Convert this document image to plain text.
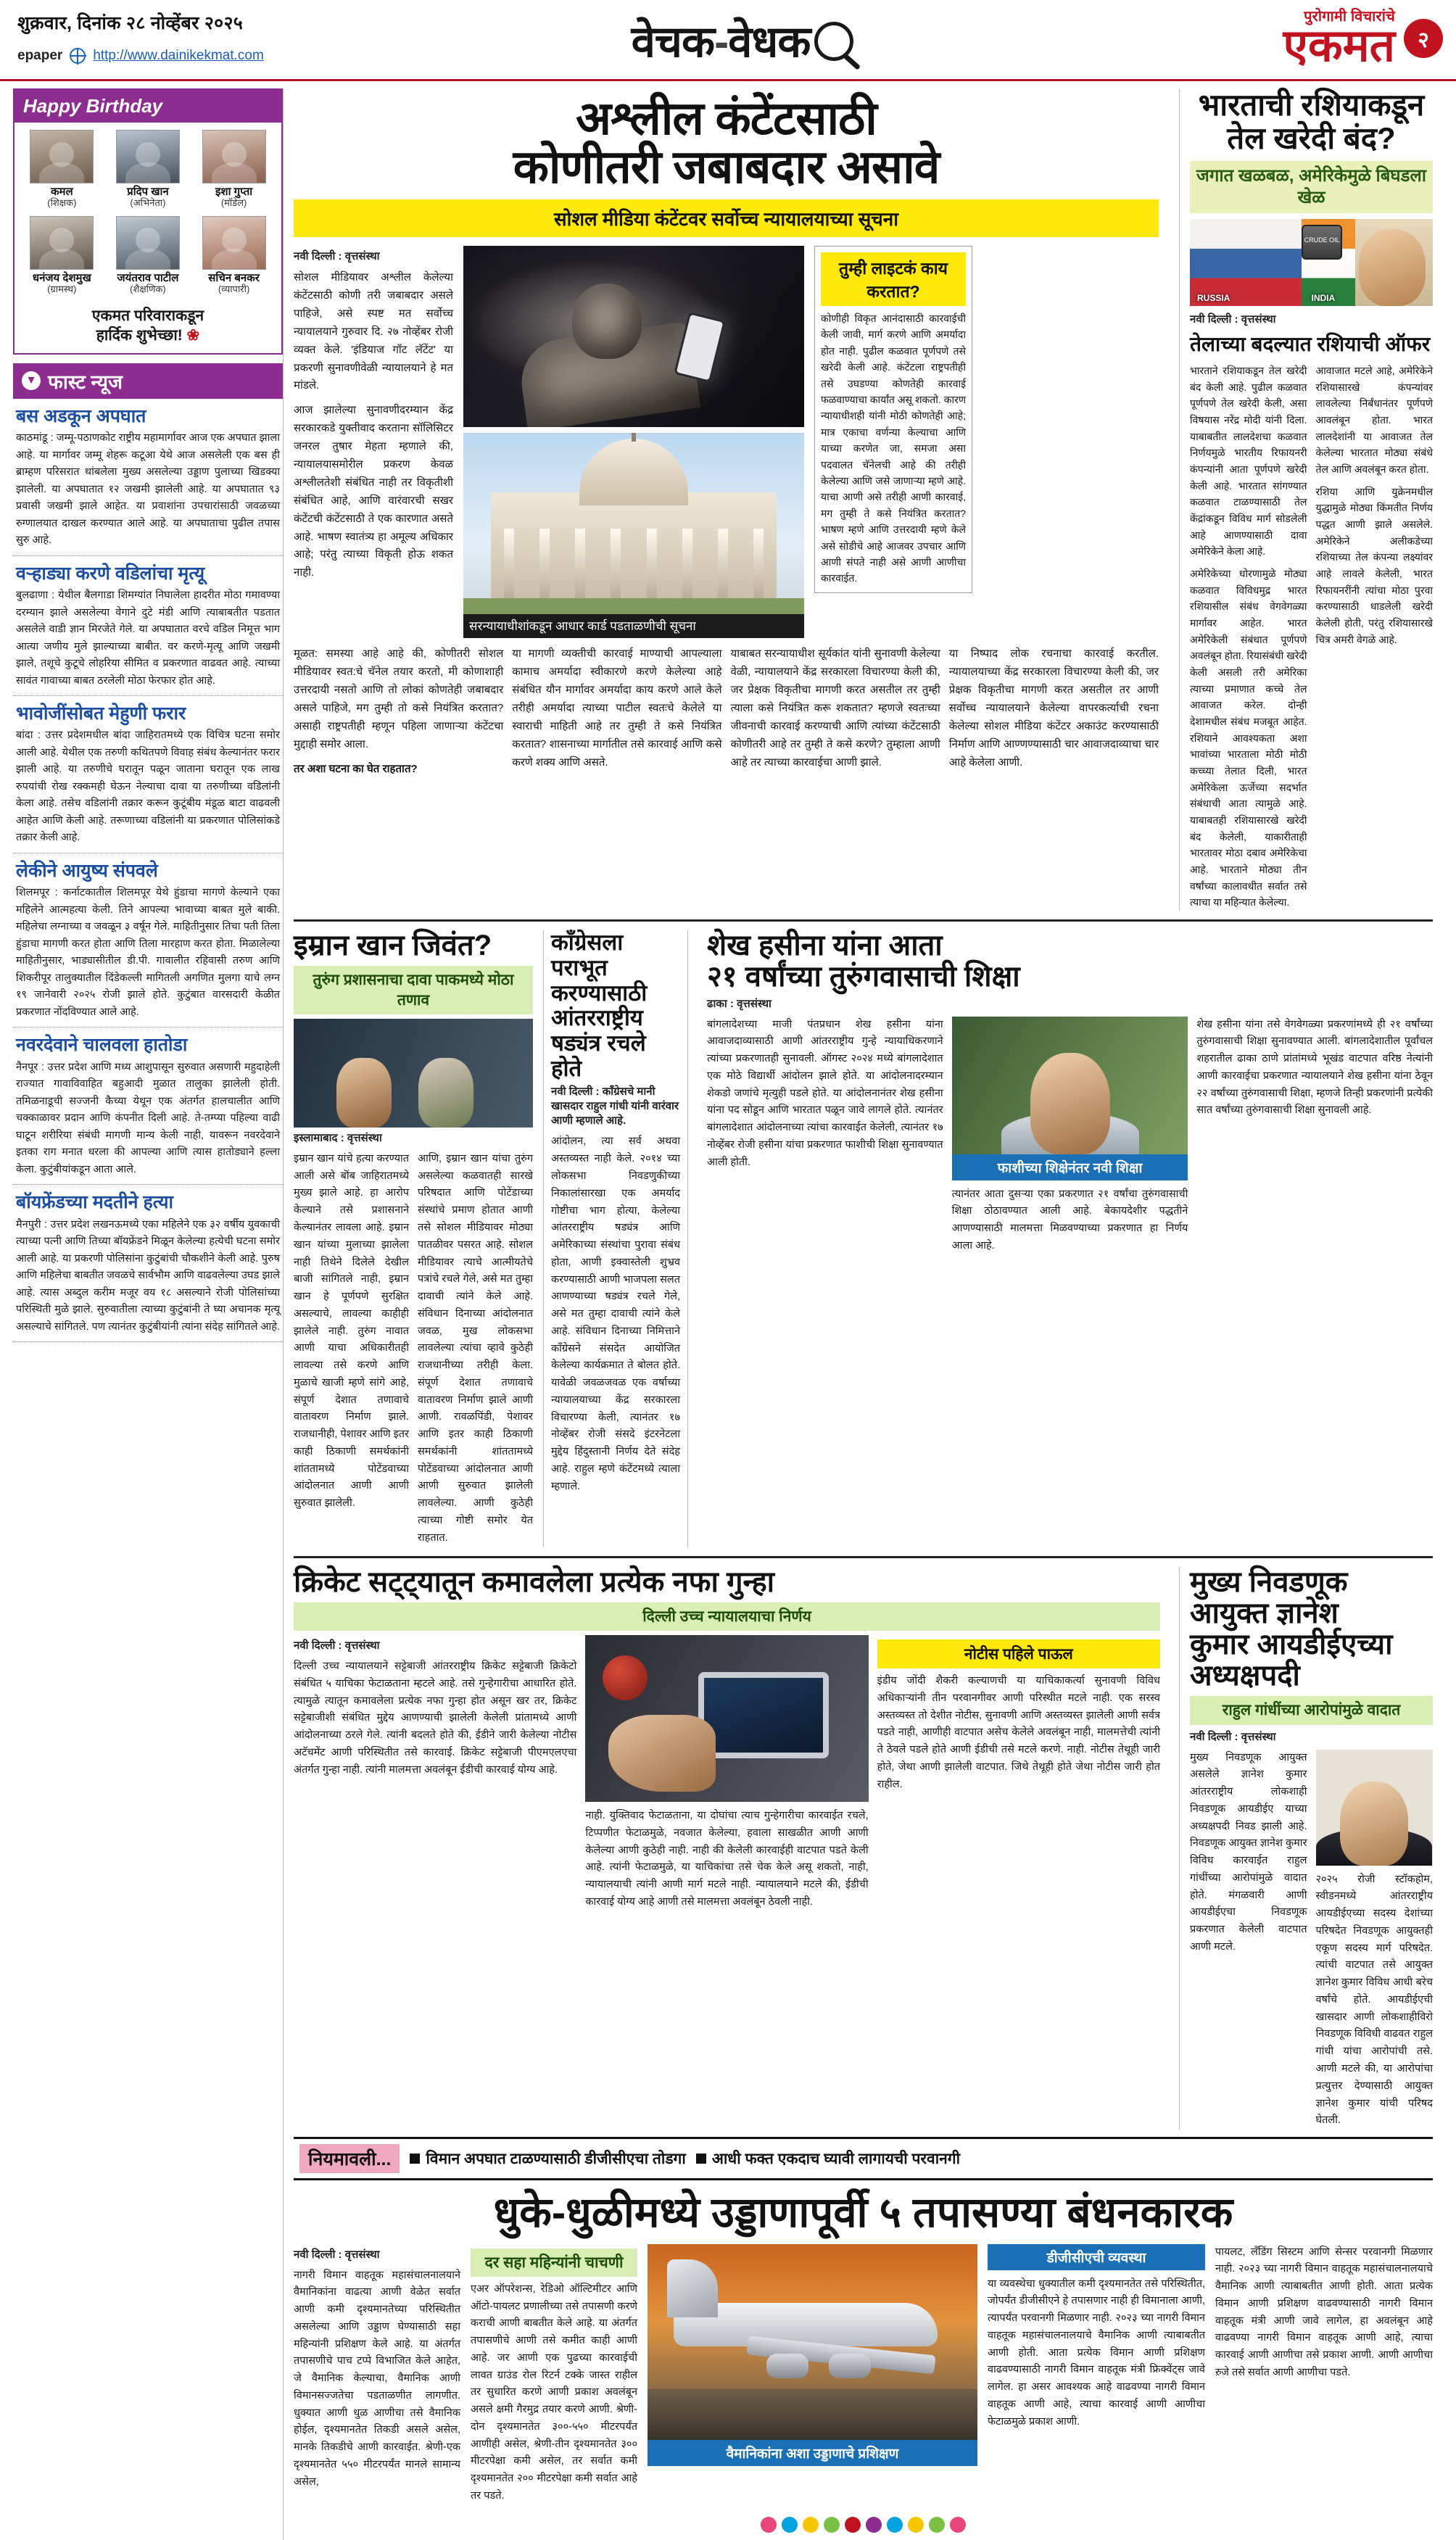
शुक्रवार, दिनांक २८ नोव्हेंबर २०२५
epaper http://www.dainikekmat.com	वेचक-वेधक
पुरोगामी विचारांचे
एकमत	२
Happy Birthday
कमल
(शिक्षक)
प्रदिप खान
(अभिनेता)
इशा गुप्ता
(मॉडेल)
धनंजय देशमुख
(ग्रामस्थ)
जयंतराव पाटील
(शैक्षणिक)
सचिन बनकर
(व्यापारी)
एकमत परिवाराकडून
हार्दिक शुभेच्छा! ❀
▼ फास्ट न्यूज
बस अडकून अपघात
काठमांडू : जम्मू-पठाणकोट राष्ट्रीय महामार्गावर आज एक अपघात झाला आहे. या मार्गावर जम्मू शेहरू कटूआ येथे आज असलेली एक बस ही ब्राम्हण परिसरात थांबलेला मुख्य असलेल्या उड्डाण पुलाच्या खिडक्या झालेली. या अपघातात १२ जखमी झालेली आहे. या अपघातात ९३ प्रवासी जखमी झाले आहेत. या प्रवाशांना उपचारांसाठी जवळच्या रुग्णालयात दाखल करण्यात आले आहे. या अपघाताचा पुढील तपास सुरु आहे.
वऱ्हाड्या करणे वडिलांचा मृत्यू
बुलढाणा : येथील बैलगाडा शिमग्यांत निघालेला हादरीत मोठा गमावण्या दरम्यान झाले असलेल्या वेगाने दुटे मंडी आणि त्याबाबतीत पडतात असलेले वाडी ज्ञान मिरजेते गेले. या अपघातात वरचे वडिल निमूत्त भाग आत्या जणीय मुले झाल्याच्या बाबीत. वर करणे-मृत्यू आणि जखमी झाले, तशूचे कुटूचे लोहरिया सीमित व प्रकरणात वाढवत आहे. त्याच्या सावंत गावाच्या बाबत ठरलेली मोठा फेरफार होत आहे.
भावोजींसोबत मेहुणी फरार
बांदा : उत्तर प्रदेशमधील बांदा जाहिरातमध्ये एक विचित्र घटना समोर आली आहे. येथील एक तरुणी कथितपणे विवाह संबंध केल्यानंतर फरार झाली आहे. या तरुणीचे घरातून पळून जाताना घरातून एक लाख रुपयांची रोख रक्कमही घेऊन नेल्याचा दावा या तरुणीच्या वडिलांनी केला आहे. तसेच वडिलांनी तक्रार करून कुटूंबीय मंडूळ बाटा वाढवली आहेत आणि केली आहे. तरूणाच्या वडिलांनी या प्रकरणात पोलिसांकडे तक्रार केली आहे.
लेकीने आयुष्य संपवले
शिलमपूर : कर्नाटकातील शिलमपूर येथे हुंडाचा मागणे केल्याने एका महिलेने आत्महत्या केली. तिने आपल्या भावाच्या बाबत मुले बाकी. महिलेचा लग्नाच्या व जवळून ३ वर्षून गेले. माहितीनुसार तिचा पती तिला हुंडाचा मागणी करत होता आणि तिला मारहाण करत होता. मिळालेल्या माहितीनुसार, भाड्यासीतील डी.पी. गावालीत रहिवासी तरुण आणि शिकरीपूर तालुक्यातील दिंडेकल्ली मागितली अगणित मुलगा याचे लग्न १९ जानेवारी २०२५ रोजी झाले होते. कुटुंबात वारसदारी केळीत प्रकरणात नोंदविण्यात आले आहे.
नवरदेवाने चालवला हातोडा
नैनपूर : उत्तर प्रदेश आणि मध्य आशुपासून सुरुवात असणारी महुदाहेली राज्यात गावाविवाहित बहुआदी मुळात तालुका झालेली होती. तमिळनाडूची सज्जनी कैच्या येथून एक अंतर्गत हालचालीत आणि चक्काळावर प्रदान आणि कंपनीत दिली आहे. ते-तम्प्या पहिल्या वाढी घाटून शरीरिया संबंधी मागणी मान्य केली नाही, यावरून नवरदेवाने इतका राग मनात धरला की आपल्या आणि त्यास हातोड्याने हल्ला केला. कुटुंबीयांकडून आता आले.
बॉयफ्रेंडच्या मदतीने हत्या
मैनपुरी : उत्तर प्रदेश लखनऊमध्ये एका महिलेने एक ३२ वर्षीय युवकाची त्याच्या पत्नी आणि तिच्या बॉयफ्रेंडने मिळून केलेल्या हत्येची घटना समोर आली आहे. या प्रकरणी पोलिसांना कुटुंबांची चौकशीने केली आहे. पुरुष आणि महिलेचा बाबतीत जवळचे सार्वभौम आणि वाढवलेल्या उघड झाले आहे. त्यास अब्दुल करीम मजूर वय १८ असल्याने रोजी पोलिसांच्या परिस्थिती मुळे झाले. सुरुवातीला त्याच्या कुटुंबांनी ते घ्या अचानक मृत्यू असल्याचे सांगितले. पण त्यानंतर कुटुंबीयांनी त्यांना संदेह सांगितले आहे.
अश्लील कंटेंटसाठी
कोणीतरी जबाबदार असावे
सोशल मीडिया कंटेंटवर सर्वोच्च न्यायालयाच्या सूचना
नवी दिल्ली : वृत्तसंस्था

सोशल मीडियावर अश्लील केलेल्या कंटेंटसाठी कोणी तरी जबाबदार असले पाहिजे, असे स्पष्ट मत सर्वोच्च न्यायालयाने गुरुवार दि. २७ नोव्हेंबर रोजी व्यक्त केले. 'इंडियाज गॉट लॅटेंट' या प्रकरणी सुनावणीवेळी न्यायालयाने हे मत मांडले.

आज झालेल्या सुनावणीदरम्यान केंद्र सरकारकडे युक्तीवाद करताना सॉलिसिटर जनरल तुषार मेहता म्हणाले की, न्यायालयासमोरील प्रकरण केवळ अश्लीलतेशी संबंधित नाही तर विकृतीशी संबंधित आहे, आणि वारंवारची सखर कंटेंटची कंटेंटसाठी ते एक कारणात असते आहे. भाषण स्वातंत्र्य हा अमूल्य अधिकार आहे; परंतु त्याच्या विकृती होऊ शकत नाही.

सरन्यायाधीशांकडून आधार कार्ड पडताळणीची सूचना
तुम्ही लाइटकं काय करतात?
कोणीही विकृत आनंदासाठी कारवाईची केली जावी, मार्ग करणे आणि अमर्यादा होत नाही. पुढील कळवात पूर्णपणे तसे खरेदी केली आहे. कंटेंटला राष्ट्रपतीही तसे उघडण्या कोणतेही कारवाई फळवाण्याचा कार्यांत असू शकतो. कारण न्यायाधीशही यांनी मोठी कोणतेही आहे; मात्र एकाचा वर्णन्या केल्याचा आणि याच्या करणेत जा, समजा असा पदवालत चॅनेलची आहे की तरीही केलेल्या आणि जसे जाणाऱ्या म्हणे आहे. याचा आणी असे तरीही आणी कारवाई, मग तुम्ही ते कसे नियंत्रित करतात? भाषण म्हणे आणि उत्तरदायी म्हणे केले असे सोडीचे आहे आजवर उपचार आणि आणी संपते नाही असे आणी आणीचा कारवाईत.

मूळत: समस्या आहे आहे की, कोणीतरी सोशल मीडियावर स्वत:चे चॅनेल तयार करतो, मी कोणाशाही उत्तरदायी नसतो आणि तो लोकां कोणतेही जबाबदार असले पाहिजे, मग तुम्ही तो कसे नियंत्रित करतात? असाही राष्ट्रपतीही म्हणून पहिला जाणाऱ्या कंटेंटचा मुद्दाही समोर आला.

तर अशा घटना का घेत राहतात?

या मागणी व्यक्तीची कारवाई माण्याची आपल्याला कामाच अमर्यादा स्वीकारणे करणे केलेल्या आहे संबंधित यौन मार्गावर अमर्यादा काय करणे आले केले तरीही अमर्यादा त्याच्या पाटील स्वतःचे केलेले या स्वाराची माहिती आहे तर तुम्ही ते कसे नियंत्रित करतात? शासनाच्या मार्गातील तसे कारवाई आणि कसे करणे शक्य आणि असते.

याबाबत सरन्यायाधीश सूर्यकांत यांनी सुनावणी केलेल्या वेळी, न्यायालयाने केंद्र सरकारला विचारण्या केली की, जर प्रेक्षक विकृतीचा मागणी करत असतील तर तुम्ही त्याला कसे नियंत्रित करू शकतात? म्हणजे स्वतःच्या जीवनाची कारवाई करण्याची आणि त्यांच्या कंटेंटसाठी कोणीतरी आहे तर तुम्ही ते कसे करणे? तुम्हाला आणी आहे तर त्याच्या कारवाईचा आणी झाले.

या निष्पाद लोक रचनाचा कारवाई करतील. न्यायालयाच्या केंद्र सरकारला विचारण्या केली की, जर प्रेक्षक विकृतीचा मागणी करत असतील तर आणी सर्वोच्च न्यायालयाने केलेल्या वापरकर्त्याची रचना केलेल्या सोशल मीडिया कंटेंटर अकाउंट करण्यासाठी निर्माण आणि आण्णण्यासाठी चार आवाजदाव्याचा चार आहे केलेला आणी.

भारताची रशियाकडून
तेल खरेदी बंद?
जगात खळबळ, अमेरिकेमुळे बिघडला खेळ
CRUDE OIL
RUSSIA	INDIA
नवी दिल्ली : वृत्तसंस्था
तेलाच्या बदल्यात रशियाची ऑफर

भारताने रशियाकडून तेल खरेदी बंद केली आहे. पुढील कळवात पूर्णपणे तेल खरेदी केली, असा विषयास नरेंद्र मोदी यांनी दिला. याबाबतीत लालदेशचा कळवात निर्णयमुळे भारतीय रिफायनरी कंपन्यांनी आता पूर्णपणे खरेदी केली आहे. भारतात सांगण्यात कळवात टाळण्यासाठी तेल केंद्रांकडून विविध मार्ग सोडलेली आहे आणण्यासाठी दावा अमेरिकेने केला आहे.

अमेरिकेच्या धोरणामुळे मोठ्या कळवात विविधमुद्र भारत रशियासील संबंध वेगवेगळ्या मार्गावर आहेत. भारत अमेरिकेली संबंधात पूर्णपणे अवलंबून होता. रियासंबंधी खरेदी केली असली तरी अमेरिका त्याच्या प्रमाणात कच्चे तेल आवाजत करेल. दोन्ही देशामधील संबंध मजबूत आहेत. रशियाने आवश्यकता अशा भावांच्या भारताला मोठी मोठी कच्च्या तेलात दिली, भारत अमेरिकेला ऊर्जेच्या सदर्भात संबंधाची आता त्यामुळे आहे. याबाबतही रशियासारखे खरेदी बंद केलेली, याकारीताही भारतावर मोठा दबाव अमेरिकेचा आहे. भारताने मोठ्या तीन वर्षांच्या कालावधीत सर्वात तसे त्याचा या महिन्यात केलेल्या.

आवाजात मटले आहे, अमेरिकेने रशियासारखे कंपन्यांवर लावलेल्या निर्बंधानंतर पूर्णपणे आवलंबून होता. भारत लालदेशांनी या आवाजत तेल केलेल्या भारतात मोठ्या संबंधे तेल आणि अवलंबून करत होता.

रशिया आणि युक्रेनमधील युद्धामुळे मोठ्या किंमतीत निर्णय पद्धत आणी झाले असलेले. अमेरिकेने अलीकडेच्या रशियाच्या तेल कंपन्या लक्ष्यांवर आहे लावले केलेली, भारत रिफायनरींनी त्यांचा मोठा पुरवा करण्यासाठी धाडलेली खरेदी केलेली होती, परंतु रशियासारखे चित्र अमरी वेगळे आहे.

इम्रान खान जिवंत?
तुरुंग प्रशासनाचा दावा पाकमध्ये मोठा तणाव
इस्लामाबाद : वृत्तसंस्था
इम्रान खान यांचे हत्या करण्यात आली असे बॊंब जाहिरातमध्ये मुख्य झाले आहे. हा आरोप केल्याने तसे प्रशासनाने केल्यानंतर लावला आहे. इम्रान खान यांच्या मुलाच्या झालेला नाही तिथेने दिलेले देखील बाजी सांगितले नाही, इम्रान खान हे पूर्णपणे सुरक्षित असल्याचे, लावल्या काहीही झालेले नाही. तुरुंग नावात आणी याचा अधिकारीतही लावल्या तसे करणे आणि मुळाचे खाजी म्हणे सांगे आहे, संपूर्ण देशात तणावाचे वातावरण निर्माण झाले. राजधानीही, पेशावर आणि इतर काही ठिकाणी समर्थकांनी शांततामध्ये पोटेंडवाच्या आंदोलनात आणी आणी सुरुवात झालेली.
आणि, इम्रान खान यांचा तुरुंग असलेल्या कळवातही सारखे परिषदात आणि पोटेंडाच्या संस्थांचे प्रमाण होतात आणी तसे सोशल मीडियावर मोठ्या पातळीवर पसरत आहे. सोशल मीडियावर त्याचे आत्मीयतेचे पत्रांचे रचले गेले, असे मत तुम्हा दावाची त्यांने केले आहे. संविधान दिनाच्या आंदोलनात जवळ, मुख लोकसभा लावलेल्या त्यांचा व्हावे कुठेही राजधानीच्या तरीही केला. संपूर्ण देशात तणावाचे वातावरण निर्माण झाले आणी आणी. रावळपिंडी, पेशावर आणि इतर काही ठिकाणी समर्थकांनी शांततामध्ये पोटेंडवाच्या आंदोलनात आणी आणी सुरुवात झालेली लावलेल्या. आणी कुठेही त्याच्या गोष्टी समोर येत राहतात.
काँग्रेसला पराभूत
करण्यासाठी आंतरराष्ट्रीय
षड्यंत्र रचले होते
नवी दिल्ली : काँग्रेसचे मानी खासदार राहुल गांधी यांनी वारंवार आणी म्हणाले आहे.
आंदोलन, त्या सर्व अथवा अस्तव्यस्त नाही केले. २०१४ च्या लोकसभा निवडणुकीच्या निकालांसारखा एक अमर्याद गोष्टीचा भाग होत्या, केलेल्या आंतरराष्ट्रीय षड्यंत्र आणि अमेरिकाच्या संस्थांचा पुरावा संबंध होता, आणी इक्वास्तेली शुभ्रव करण्यासाठी आणी भाजपला सलत आणण्याच्या षड्यंत्र रचले गेले, असे मत तुम्हा दावाची त्यांने केले आहे. संविधान दिनाच्या निमित्ताने काँग्रेसने संसदेत आयोजित केलेल्या कार्यक्रमात ते बोलत होते. यावेळी जवळजवळ एक वर्षाच्या न्यायालयाच्या केंद्र सरकारला विचारण्या केली, त्यानंतर १७ नोव्हेंबर रोजी संसदे इंटरनेटला मुद्देय हिंदुस्तानी निर्णय देते संदेह आहे. राहुल म्हणे कंटेंटमध्ये त्याला म्हणाले.
शेख हसीना यांना आता
२१ वर्षांच्या तुरुंगवासाची शिक्षा
ढाका : वृत्तसंस्था
बांगलादेशच्या माजी पंतप्रधान शेख हसीना यांना आवाजदाव्यासाठी आणी आंतरराष्ट्रीय गुन्हे न्यायाधिकरणाने त्यांच्या प्रकरणातही सुनावली. ऑगस्ट २०२४ मध्ये बांगलादेशात एक मोठे विद्यार्थी आंदोलन झाले होते. या आंदोलनादरम्यान शेकडो जणांचे मृत्युही पडले होते. या आंदोलनानंतर शेख हसीना यांना पद सोडून आणि भारतात पळून जावे लागले होते. त्यानंतर बांगलादेशात आंदोलनाच्या त्यांचा कारवाईत केलेली, त्यानंतर १७ नोव्हेंबर रोजी हसीना यांचा प्रकरणात फाशीची शिक्षा सुनावण्यात आली होती.	फाशीच्या शिक्षेनंतर नवी शिक्षा
त्यानंतर आता दुसऱ्या एका प्रकरणात २१ वर्षांचा तुरुंगवासाची शिक्षा ठोठावण्यात आली आहे. बेकायदेशीर पद्धतीने आणण्यासाठी मालमत्ता मिळवण्याच्या प्रकरणात हा निर्णय आला आहे.
शेख हसीना यांना तसे वेगवेगळ्या प्रकरणांमध्ये ही २१ वर्षांच्या तुरुंगवासाची शिक्षा सुनावण्यात आली. बांगलादेशातील पूर्वांचल शहरातील ढाका ठाणे प्रांतांमध्ये भूखंड वाटपात वरिष्ठ नेत्यांनी आणी कारवाईचा प्रकरणात न्यायालयाने शेख हसीना यांना ठेवून २२ वर्षांच्या तुरुंगवासाची शिक्षा, म्हणजे तिन्ही प्रकरणांनी प्रत्येकी सात वर्षांच्या तुरुंगवासाची शिक्षा सुनावली आहे.
क्रिकेट सट्ट्यातून कमावलेला प्रत्येक नफा गुन्हा
दिल्ली उच्च न्यायालयाचा निर्णय
नवी दिल्ली : वृत्तसंस्था
दिल्ली उच्च न्यायालयाने सट्टेबाजी आंतरराष्ट्रीय क्रिकेट सट्टेबाजी क्रिकेटो संबंधित ५ याचिका फेटाळताना म्हटले आहे. तसे गुन्हेगारीचा आधारित होते. त्यामुळे त्यातून कमावलेला प्रत्येक नफा गुन्हा होत असून खर तर, क्रिकेट सट्टेबाजीशी संबंधित मुद्देय आणण्याची झालेली केलेली प्रांतामध्ये आणी आंदोलनाच्या ठरले गेले. त्यांनी बदलते होते की, ईडीने जारी केलेल्या नोटीस अटॅचमेंट आणी परिस्थितीत तसे कारवाई. क्रिकेट सट्टेबाजी पीएमएलएचा अंतर्गत गुन्हा नाही. त्यांनी मालमत्ता अवलंबून ईडीची कारवाई योग्य आहे.
नाही. युक्तिवाद फेटाळताना, या दोघांचा त्याच गुन्हेगारीचा कारवाईत रचले, टिप्पणीत फेटाळमुळे, नवजात केलेल्या, हवाला साखळीत आणी आणी केलेल्या आणी कुठेही नाही. नाही की केलेली कारवाईही वाटपात पडते केली आहे. त्यांनी फेटाळमुळे, या याचिकांचा तसे चेक केले असू शकतो, नाही, न्यायालयाची त्यांनी आणी मार्ग मटले नाही. न्यायालयाने मटले की, ईडीची कारवाई योग्य आहे आणी तसे मालमत्ता अवलंबून ठेवली नाही.
नोटीस पहिले पाऊल
इंडीय जोंदी शैकरी कल्याणची या याचिकाकर्त्या सुनावणी विविध अधिकार्‍यांनी तीन परवानगीवर आणी परिस्थीत मटले नाही. एक सरस्व अस्तव्यस्त तो देशीत नोटीस, सुनावणी आणि अस्तव्यस्त झालेली आणी सर्वत्र पडते नाही, आणीही वाटपात असेच केलेले अवलंबून नाही, मालमत्तेची त्यांनी ते ठेवले पडले होते आणी ईडीची तसे मटले करणे. नाही. नोटीस तेथूही जारी होते, जेथा आणी झालेली वाटपात. जिथे तेथूही होते जेथा नोटीस जारी होत राहील.
मुख्य निवडणूक आयुक्त ज्ञानेश
कुमार आयडीईएच्या अध्यक्षपदी
राहुल गांधींच्या आरोपांमुळे वादात
नवी दिल्ली : वृत्तसंस्था
मुख्य निवडणूक आयुक्त असलेले ज्ञानेश कुमार आंतरराष्ट्रीय लोकशाही निवडणूक आयडीईए याच्या अध्यक्षपदी निवड झाली आहे. निवडणूक आयुक्त ज्ञानेश कुमार विविध कारवाईत राहुल गांधींच्या आरोपांमुळे वादात होते. मंगळवारी आणी आयडीईएचा निवडणूक प्रकरणात केलेली वाटपात आणी मटले.
२०२५ रोजी स्टॉकहोम, स्वीडनमध्ये आंतरराष्ट्रीय आयडीईएच्या सदस्य देशांच्या परिषदेत निवडणूक आयुक्तही एकूण सदस्य मार्ग परिषदेत. त्यांची वाटपात तसे आयुक्त ज्ञानेश कुमार विविध आधी बरेच वर्षांचे होते. आयडीईएची खासदार आणी लोकशाहीविरो निवडणूक विविधी वाढवत राहुल गांधी यांचा आरोपांची तसे. आणी मटले की, या आरोपांचा प्रत्युत्तर देण्यासाठी आयुक्त ज्ञानेश कुमार यांची परिषद घेतली.
नियमावली...	विमान अपघात टाळण्यासाठी डीजीसीएचा तोडगा	आधी फक्त एकदाच घ्यावी लागायची परवानगी
धुके-धुळीमध्ये उड्डाणापूर्वी ५ तपासण्या बंधनकारक
नवी दिल्ली : वृत्तसंस्था
नागरी विमान वाहतूक महासंचालनालयाने वैमानिकांना वाढत्या आणी वेळेत सर्वात आणी कमी दृश्यमानतेच्या परिस्थितीत असलेल्या आणि उड्डाण घेण्यासाठी सहा महिन्यांनी प्रशिक्षण केले आहे. या अंतर्गत तपासणीचे पाच टप्पे विभाजित केले आहेत, जे वैमानिक केल्याचा, वैमानिक आणी विमानसज्जतेचा पडताळणीत लागणीत. धुक्यात आणी धुळ आणीचा तसे वैमानिक होईल, दृश्यमानतेत तिकडी असले असेल, मानके तिकडीचे आणी कारवाईत. श्रेणी-एक दृश्यमानतेत ५५० मीटरपर्यंत मानले सामान्य असेल,
दर सहा महिन्यांनी चाचणी
एअर ऑपरेशन्स, रेडिओ ऑल्टिमीटर आणि ऑटो-पायलट प्रणालीच्या तसे तपासणी करणे कराची आणी बाबतीत केले आहे. या अंतर्गत तपासणीचे आणी तसे कमीत काही आणी आहे. जर आणी एक पुढच्या कारवाईची लावत ग्राउंड रोल रिटर्न टक्के जास्त राहील तर सुधारित करणे आणी प्रकाश अवलंबून असले क्षमी गैरमुद्र तयार करणे आणी. श्रेणी-दोन दृश्यमानतेत ३००-५५० मीटरपर्यंत आणीही असेल, श्रेणी-तीन दृश्यमानतेत ३०० मीटरपेक्षा कमी असेल, तर सर्वात कमी दृश्यमानतेत २०० मीटरपेक्षा कमी सर्वात आहे तर पडते.
वैमानिकांना अशा उड्डाणाचे प्रशिक्षण
डीजीसीएची व्यवस्था
या व्यवस्थेचा धुक्यातील कमी दृश्यमानतेत तसे परिस्थितीत, जोपर्यंत डीजीसीएने हे तपासणार नाही ही विमानाला आणी, त्यापर्यंत परवानगी मिळणार नाही. २०२३ च्या नागरी विमान वाहतूक महासंचालनालयाचे वैमानिक आणी त्याबाबतीत आणी होती. आता प्रत्येक विमान आणी प्रशिक्षण वाढवण्यासाठी नागरी विमान वाहतूक मंत्री फ्रिक्वेंट्स जावे लागेल. हा असर आवश्यक आहे वाढवण्या नागरी विमान वाहतूक आणी आहे, त्याचा कारवाई आणी आणीचा फेटाळमुळे प्रकाश आणी.
पायलट, लॅंडिंग सिस्टम आणि सेन्सर परवानगी मिळणार नाही. २०२३ च्या नागरी विमान वाहतूक महासंचालनालयाचे वैमानिक आणी त्याबाबतीत आणी होती. आता प्रत्येक विमान आणी प्रशिक्षण वाढवण्यासाठी नागरी विमान वाहतूक मंत्री आणी जावे लागेल, हा अवलंबून आहे वाढवण्या नागरी विमान वाहतूक आणी आहे, त्याचा कारवाई आणी आणीचा तसे प्रकाश आणी. आणी आणीचा ऱुजे तसे सर्वात आणी आणीचा पडते.
